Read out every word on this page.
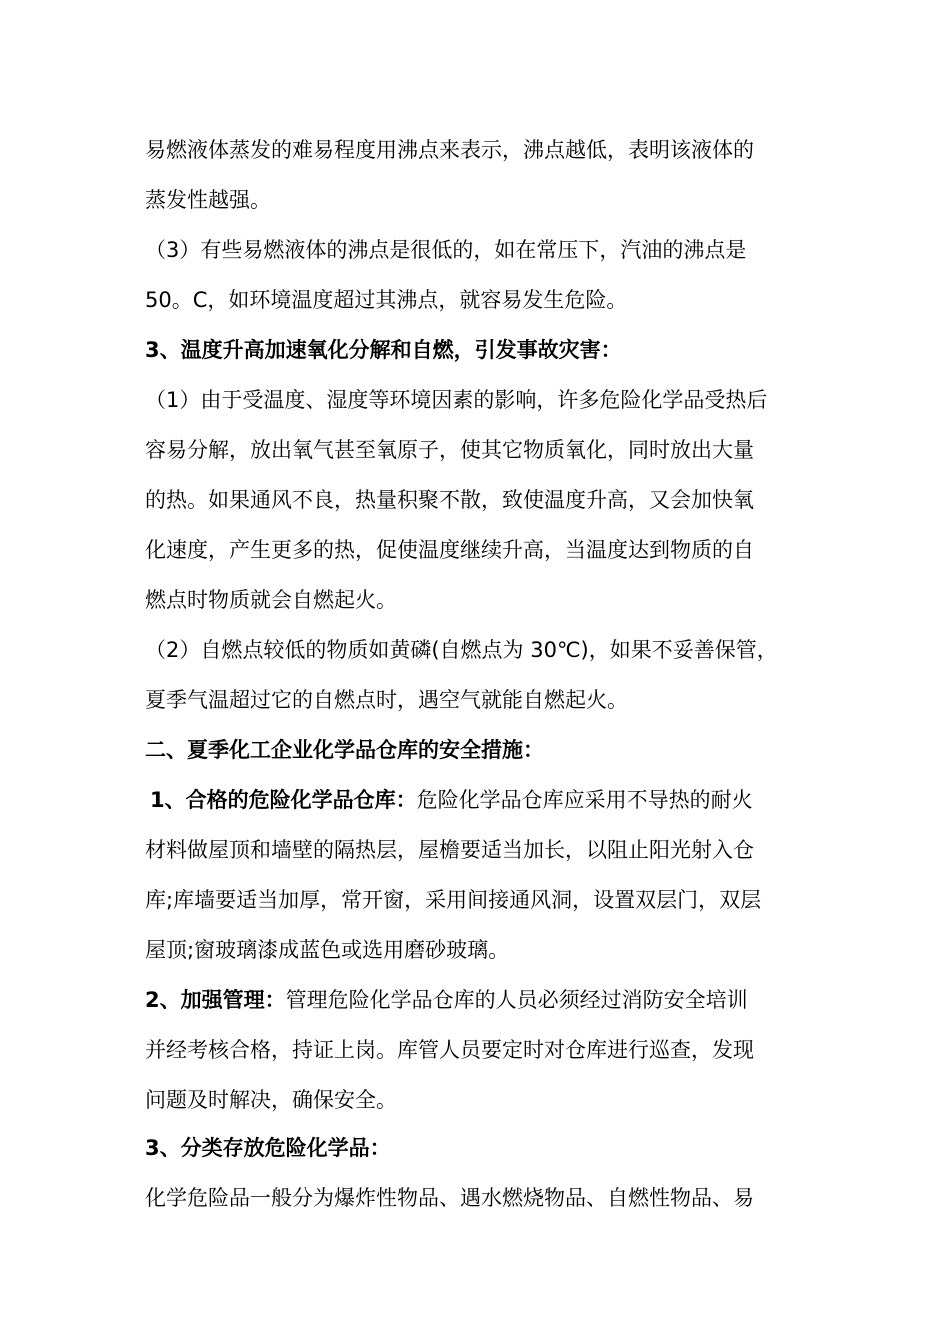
易燃液体蒸发的难易程度用沸点来表示，沸点越低，表明该液体的
蒸发性越强。
（3）有些易燃液体的沸点是很低的，如在常压下，汽油的沸点是
50。C，如环境温度超过其沸点，就容易发生危险。
3、温度升高加速氧化分解和自燃，引发事故灾害：
（1）由于受温度、湿度等环境因素的影响，许多危险化学品受热后
容易分解，放出氧气甚至氧原子，使其它物质氧化，同时放出大量
的热。如果通风不良，热量积聚不散，致使温度升高，又会加快氧
化速度，产生更多的热，促使温度继续升高，当温度达到物质的自
燃点时物质就会自燃起火。
（2）自燃点较低的物质如黄磷(自燃点为 30℃)，如果不妥善保管，
夏季气温超过它的自燃点时，遇空气就能自燃起火。
二、夏季化工企业化学品仓库的安全措施：
1、合格的危险化学品仓库：危险化学品仓库应采用不导热的耐火
材料做屋顶和墙壁的隔热层，屋檐要适当加长，以阻止阳光射入仓
库;库墙要适当加厚，常开窗，采用间接通风洞，设置双层门，双层
屋顶;窗玻璃漆成蓝色或选用磨砂玻璃。
2、加强管理：管理危险化学品仓库的人员必须经过消防安全培训
并经考核合格，持证上岗。库管人员要定时对仓库进行巡查，发现
问题及时解决，确保安全。
3、分类存放危险化学品：
化学危险品一般分为爆炸性物品、遇水燃烧物品、自燃性物品、易
